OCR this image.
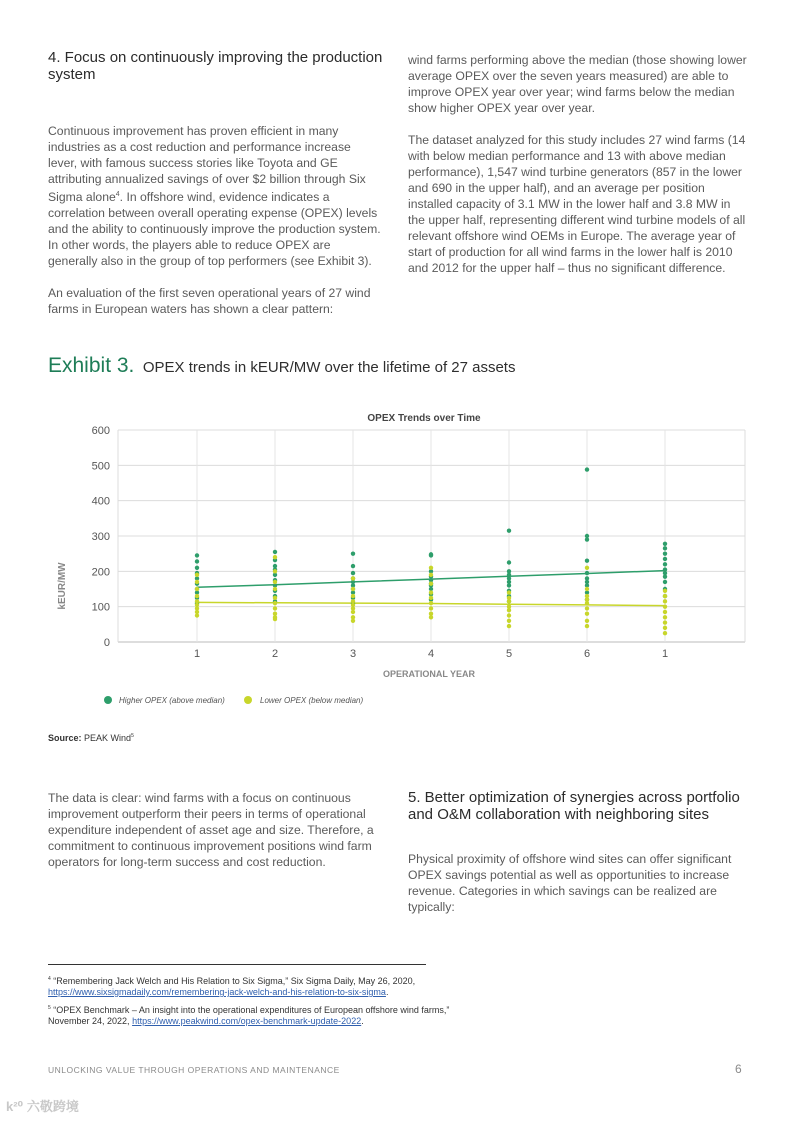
4. Focus on continuously improving the production system

Continuous improvement has proven efficient in many industries as a cost reduction and performance increase lever, with famous success stories like Toyota and GE attributing annualized savings of over $2 billion through Six Sigma alone$^4$. In offshore wind, evidence indicates a correlation between overall operating expense (OPEX) levels and the ability to continuously improve the production system. In other words, the players able to reduce OPEX are generally also in the group of top performers (see Exhibit 3).

An evaluation of the first seven operational years of 27 wind farms in European waters has shown a clear pattern:

wind farms performing above the median (those showing lower average OPEX over the seven years measured) are able to improve OPEX year over year; wind farms below the median show higher OPEX year over year.

The dataset analyzed for this study includes 27 wind farms (14 with below median performance and 13 with above median performance), 1,547 wind turbine generators (857 in the lower and 690 in the upper half), and an average per position installed capacity of 3.1 MW in the lower half and 3.8 MW in the upper half, representing different wind turbine models of all relevant offshore wind OEMs in Europe. The average year of start of production for all wind farms in the lower half is 2010 and 2012 for the upper half – thus no significant difference.

Exhibit 3. OPEX trends in kEUR/MW over the lifetime of 27 assets
OPEX Trends over Time
0
100
200
300
400
500
600
1	2	3	4	5	6	1
kEUR/MW
OPERATIONAL YEAR
Higher OPEX (above median)	Lower OPEX (below median)
Source: PEAK Wind$^5$

The data is clear: wind farms with a focus on continuous improvement outperform their peers in terms of operational expenditure independent of asset age and size. Therefore, a commitment to continuous improvement positions wind farm operators for long-term success and cost reduction.

5. Better optimization of synergies across portfolio and O&M collaboration with neighboring sites

Physical proximity of offshore wind sites can offer significant OPEX savings potential as well as opportunities to increase revenue. Categories in which savings can be realized are typically:

$^4$ “Remembering Jack Welch and His Relation to Six Sigma,” Six Sigma Daily, May 26, 2020,
https://www.sixsigmadaily.com/remembering-jack-welch-and-his-relation-to-six-sigma.
$^5$ “OPEX Benchmark – An insight into the operational expenditures of European offshore wind farms,”
November 24, 2022, https://www.peakwind.com/opex-benchmark-update-2022.
UNLOCKING VALUE THROUGH OPERATIONS AND MAINTENANCE	6
k²⁰ 六敬跨境
